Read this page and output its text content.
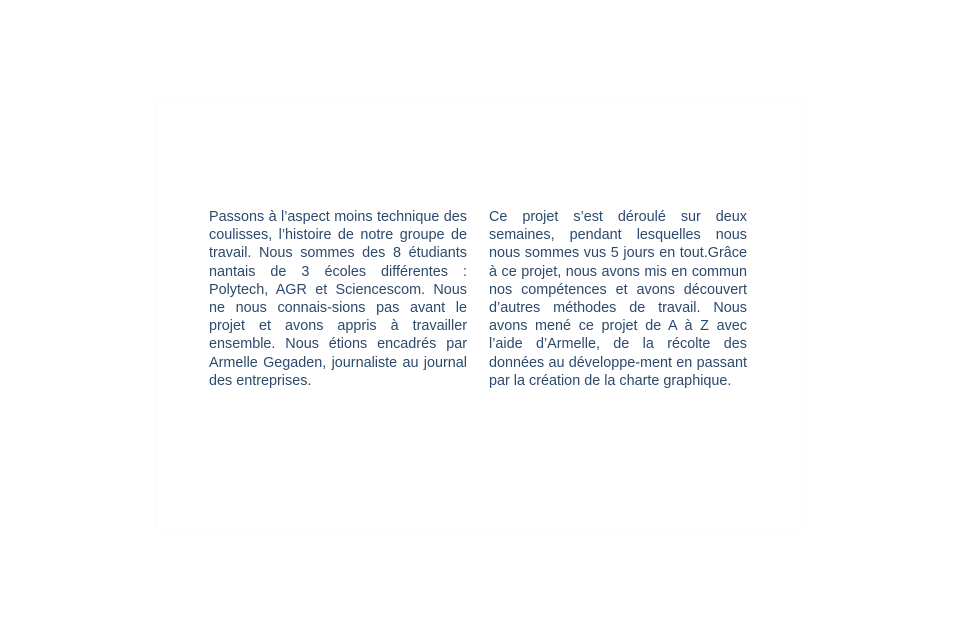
Passons à l’aspect moins technique des coulisses, l’histoire de notre groupe de travail. Nous sommes des 8 étudiants nantais de 3 écoles différentes : Polytech, AGR et Sciencescom. Nous ne nous connais-sions pas avant le projet et avons appris à travailler ensemble. Nous étions encadrés par Armelle Gegaden, journaliste au journal des entreprises.

Ce projet s’est déroulé sur deux semaines, pendant lesquelles nous nous sommes vus 5 jours en tout.Grâce à ce projet, nous avons mis en commun nos compétences et avons découvert d’autres méthodes de travail. Nous avons mené ce projet de A à Z avec l’aide d’Armelle, de la récolte des données au développe-ment en passant par la création de la charte graphique.
